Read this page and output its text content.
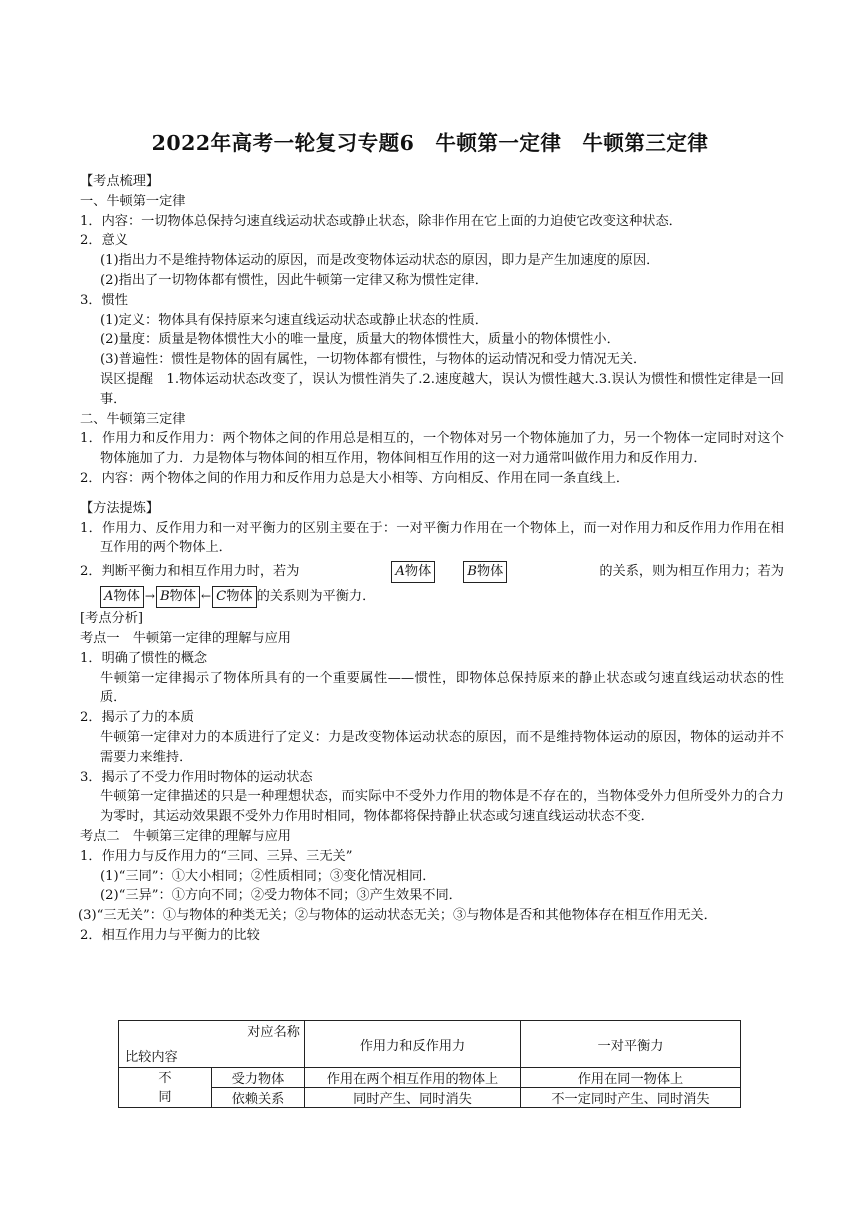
2022年高考一轮复习专题6　牛顿第一定律　牛顿第三定律
【考点梳理】
一、牛顿第一定律
1．内容：一切物体总保持匀速直线运动状态或静止状态，除非作用在它上面的力迫使它改变这种状态．
2．意义
(1)指出力不是维持物体运动的原因，而是改变物体运动状态的原因，即力是产生加速度的原因．
(2)指出了一切物体都有惯性，因此牛顿第一定律又称为惯性定律．
3．惯性
(1)定义：物体具有保持原来匀速直线运动状态或静止状态的性质．
(2)量度：质量是物体惯性大小的唯一量度，质量大的物体惯性大，质量小的物体惯性小．
(3)普遍性：惯性是物体的固有属性，一切物体都有惯性，与物体的运动情况和受力情况无关．
误区提醒　1.物体运动状态改变了，误认为惯性消失了.2.速度越大，误认为惯性越大.3.误认为惯性和惯性定律是一回事．
二、牛顿第三定律
1．作用力和反作用力：两个物体之间的作用总是相互的，一个物体对另一个物体施加了力，另一个物体一定同时对这个物体施加了力．力是物体与物体间的相互作用，物体间相互作用的这一对力通常叫做作用力和反作用力．
2．内容：两个物体之间的作用力和反作用力总是大小相等、方向相反、作用在同一条直线上．
【方法提炼】
1．作用力、反作用力和一对平衡力的区别主要在于：一对平衡力作用在一个物体上，而一对作用力和反作用力作用在相互作用的两个物体上．
2．判断平衡力和相互作用力时，若为	A物体	B物体	的关系，则为相互作用力；若为
A物体 → B物体 ← C物体 的关系则为平衡力．
[考点分析]
考点一　牛顿第一定律的理解与应用
1．明确了惯性的概念
牛顿第一定律揭示了物体所具有的一个重要属性——惯性，即物体总保持原来的静止状态或匀速直线运动状态的性质．
2．揭示了力的本质
牛顿第一定律对力的本质进行了定义：力是改变物体运动状态的原因，而不是维持物体运动的原因，物体的运动并不需要力来维持．
3．揭示了不受力作用时物体的运动状态
牛顿第一定律描述的只是一种理想状态，而实际中不受外力作用的物体是不存在的，当物体受外力但所受外力的合力为零时，其运动效果跟不受外力作用时相同，物体都将保持静止状态或匀速直线运动状态不变．
考点二　牛顿第三定律的理解与应用
1．作用力与反作用力的“三同、三异、三无关”
(1)“三同”：①大小相同；②性质相同；③变化情况相同．
(2)“三异”：①方向不同；②受力物体不同；③产生效果不同．
(3)“三无关”：①与物体的种类无关；②与物体的运动状态无关；③与物体是否和其他物体存在相互作用无关．
2．相互作用力与平衡力的比较
对应名称
比较内容		作用力和反作用力	一对平衡力

不
同	受力物体	作用在两个相互作用的物体上	作用在同一物体上
	依赖关系	同时产生、同时消失	不一定同时产生、同时消失
